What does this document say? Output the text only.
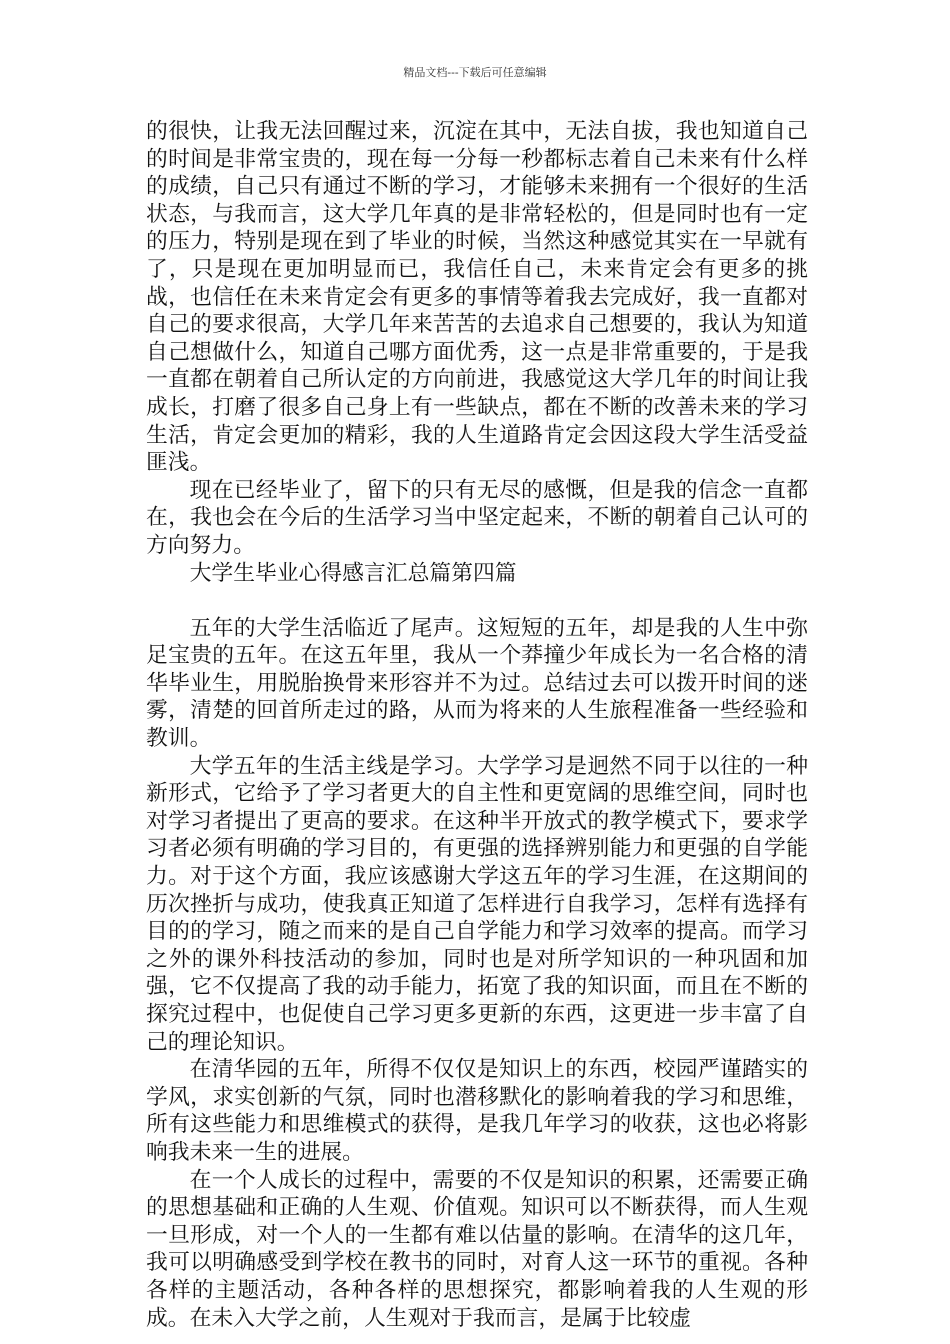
精品文档---下载后可任意编辑

的很快，让我无法回醒过来，沉淀在其中，无法自拔，我也知道自己的时间是非常宝贵的，现在每一分每一秒都标志着自己未来有什么样的成绩，自己只有通过不断的学习，才能够未来拥有一个很好的生活状态，与我而言，这大学几年真的是非常轻松的，但是同时也有一定的压力，特别是现在到了毕业的时候，当然这种感觉其实在一早就有了，只是现在更加明显而已，我信任自己，未来肯定会有更多的挑战，也信任在未来肯定会有更多的事情等着我去完成好，我一直都对自己的要求很高，大学几年来苦苦的去追求自己想要的，我认为知道自己想做什么，知道自己哪方面优秀，这一点是非常重要的，于是我一直都在朝着自己所认定的方向前进，我感觉这大学几年的时间让我成长，打磨了很多自己身上有一些缺点，都在不断的改善未来的学习生活，肯定会更加的精彩，我的人生道路肯定会因这段大学生活受益匪浅。

现在已经毕业了，留下的只有无尽的感慨，但是我的信念一直都在，我也会在今后的生活学习当中坚定起来，不断的朝着自己认可的方向努力。

大学生毕业心得感言汇总篇第四篇

五年的大学生活临近了尾声。这短短的五年，却是我的人生中弥足宝贵的五年。在这五年里，我从一个莽撞少年成长为一名合格的清华毕业生，用脱胎换骨来形容并不为过。总结过去可以拨开时间的迷雾，清楚的回首所走过的路，从而为将来的人生旅程准备一些经验和教训。

大学五年的生活主线是学习。大学学习是迥然不同于以往的一种新形式，它给予了学习者更大的自主性和更宽阔的思维空间，同时也对学习者提出了更高的要求。在这种半开放式的教学模式下，要求学习者必须有明确的学习目的，有更强的选择辨别能力和更强的自学能力。对于这个方面，我应该感谢大学这五年的学习生涯，在这期间的历次挫折与成功，使我真正知道了怎样进行自我学习，怎样有选择有目的的学习，随之而来的是自己自学能力和学习效率的提高。而学习之外的课外科技活动的参加，同时也是对所学知识的一种巩固和加强，它不仅提高了我的动手能力，拓宽了我的知识面，而且在不断的探究过程中，也促使自己学习更多更新的东西，这更进一步丰富了自己的理论知识。

在清华园的五年，所得不仅仅是知识上的东西，校园严谨踏实的学风，求实创新的气氛，同时也潜移默化的影响着我的学习和思维，所有这些能力和思维模式的获得，是我几年学习的收获，这也必将影响我未来一生的进展。

在一个人成长的过程中，需要的不仅是知识的积累，还需要正确的思想基础和正确的人生观、价值观。知识可以不断获得，而人生观一旦形成，对一个人的一生都有难以估量的影响。在清华的这几年，我可以明确感受到学校在教书的同时，对育人这一环节的重视。各种各样的主题活动，各种各样的思想探究，都影响着我的人生观的形成。在未入大学之前，人生观对于我而言，是属于比较虚
